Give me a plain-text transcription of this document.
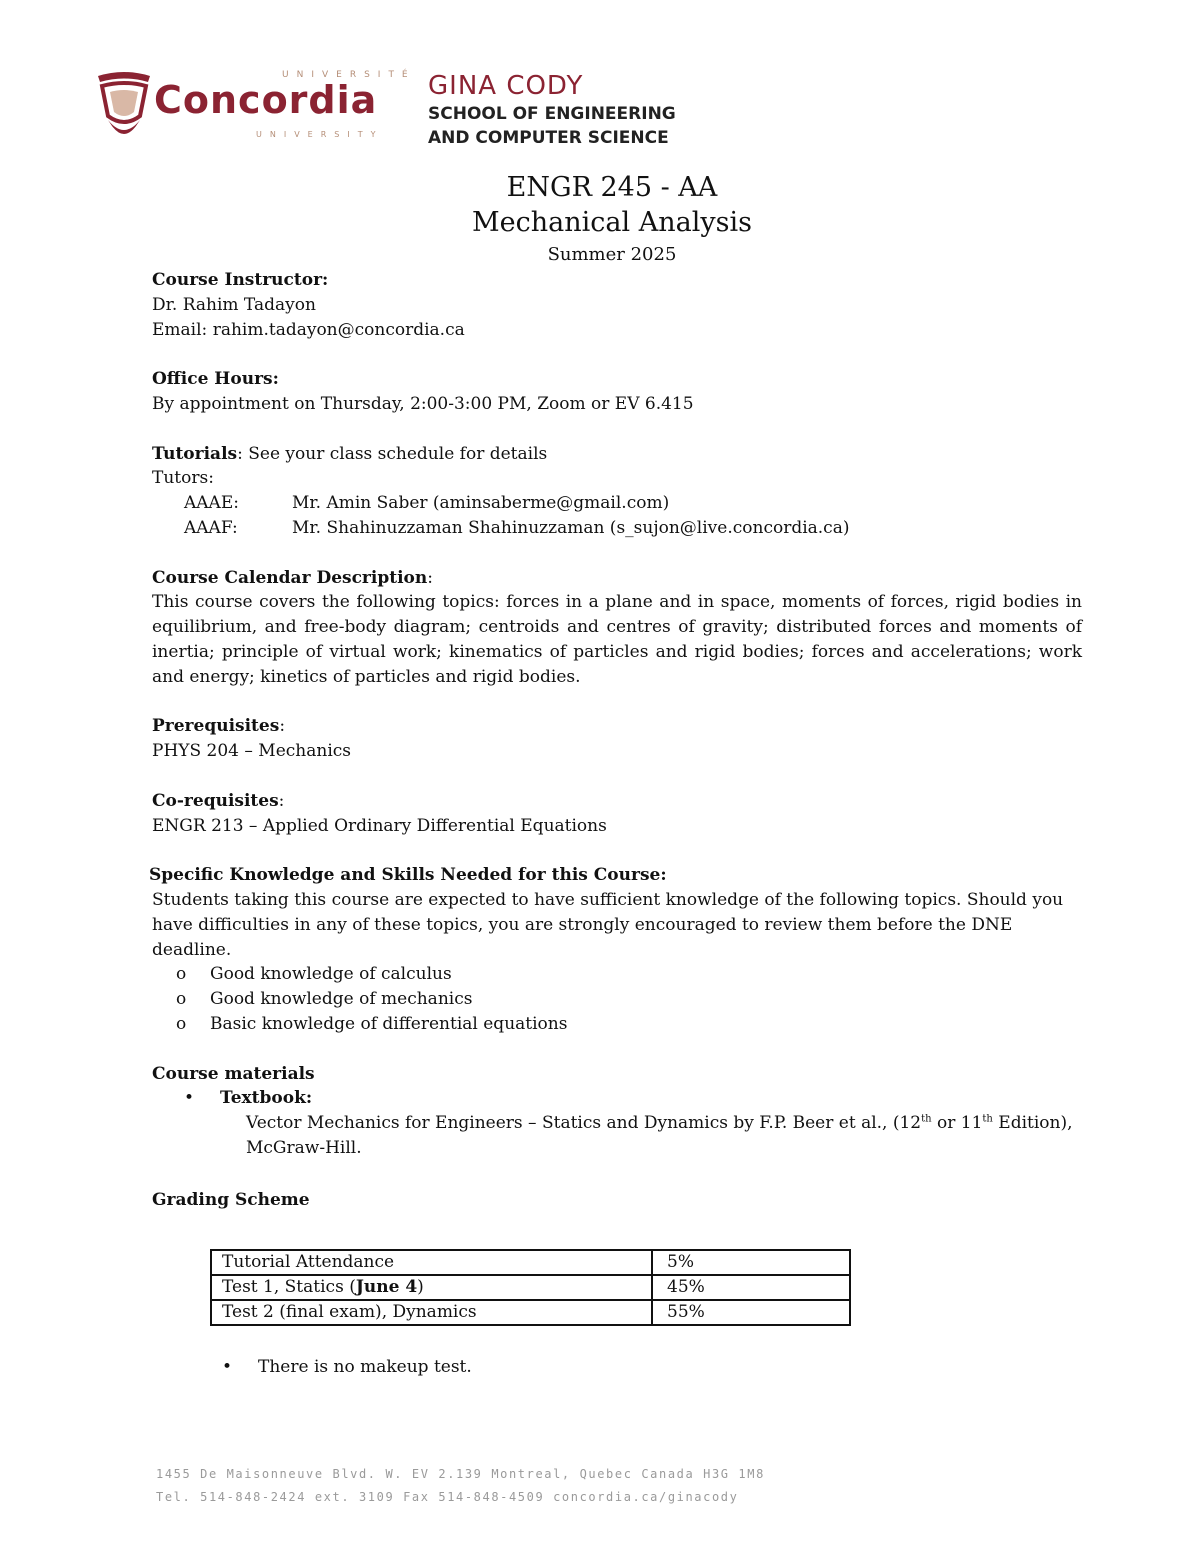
UNIVERSITÉ
Concordia
UNIVERSITY
GINA CODY
SCHOOL OF ENGINEERING
AND COMPUTER SCIENCE
ENGR 245 - AA
Mechanical Analysis
Summer 2025

Course Instructor:

Dr. Rahim Tadayon

Email: rahim.tadayon@concordia.ca

Office Hours:

By appointment on Thursday, 2:00-3:00 PM, Zoom or EV 6.415

Tutorials: See your class schedule for details

Tutors:

AAAE:	Mr. Amin Saber (aminsaberme@gmail.com)
AAAF:	Mr. Shahinuzzaman Shahinuzzaman (s_sujon@live.concordia.ca)

Course Calendar Description:

This course covers the following topics: forces in a plane and in space, moments of forces, rigid bodies in equilibrium, and free-body diagram; centroids and centres of gravity; distributed forces and moments of inertia; principle of virtual work; kinematics of particles and rigid bodies; forces and accelerations; work and energy; kinetics of particles and rigid bodies.

Prerequisites:

PHYS 204 – Mechanics

Co-requisites:

ENGR 213 – Applied Ordinary Differential Equations

Specific Knowledge and Skills Needed for this Course:

Students taking this course are expected to have sufficient knowledge of the following topics. Should you have difficulties in any of these topics, you are strongly encouraged to review them before the DNE deadline.

o Good knowledge of calculus
o Good knowledge of mechanics
o Basic knowledge of differential equations

Course materials

• Textbook:
Vector Mechanics for Engineers – Statics and Dynamics by F.P. Beer et al., (12th or 11th Edition),
McGraw-Hill.

Grading Scheme

Tutorial Attendance	5%
Test 1, Statics (June 4)	45%
Test 2 (final exam), Dynamics	55%
• There is no makeup test.
1455 De Maisonneuve Blvd. W. EV 2.139 Montreal, Quebec Canada H3G 1M8
Tel. 514-848-2424 ext. 3109 Fax 514-848-4509 concordia.ca/ginacody
